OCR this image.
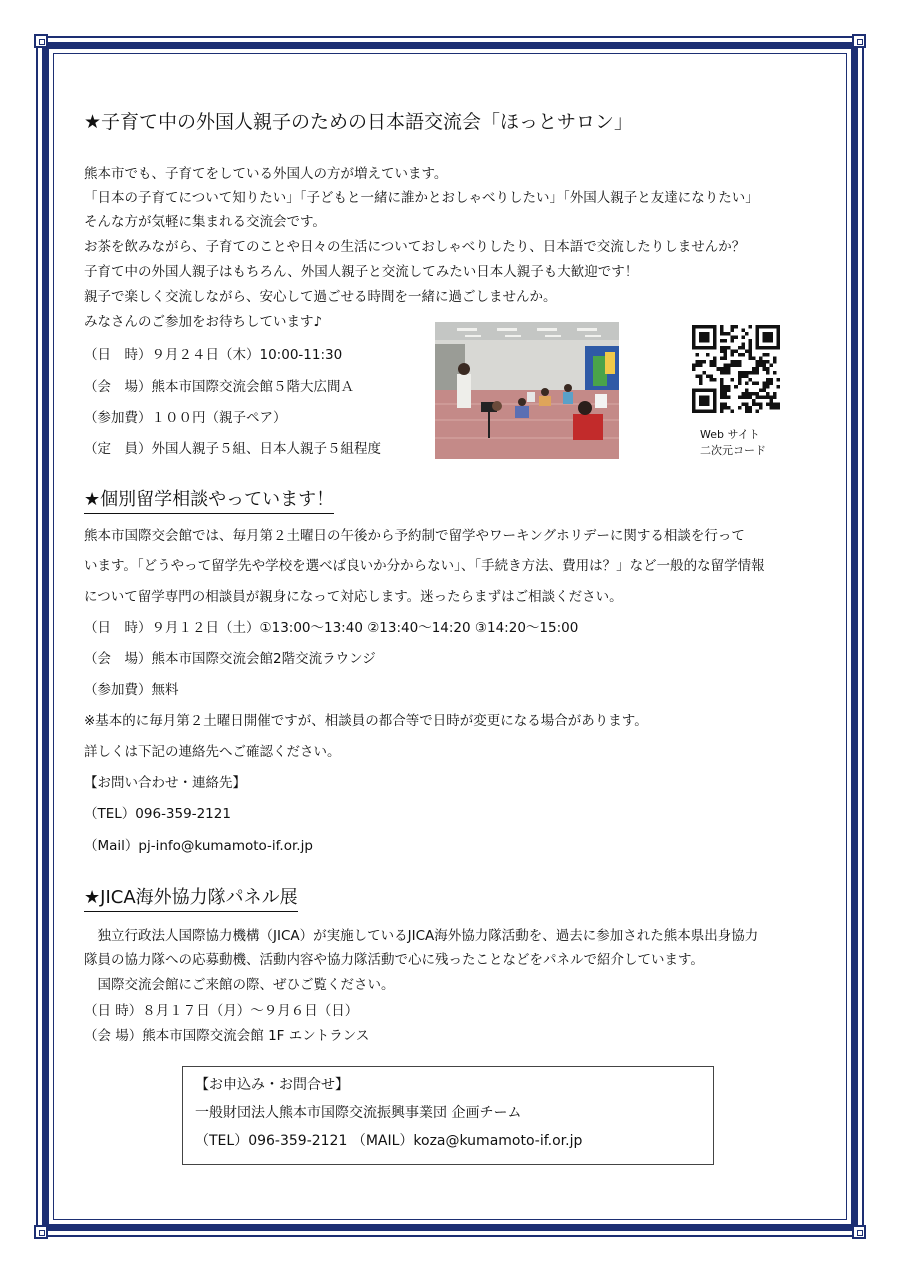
★子育て中の外国人親子のための日本語交流会「ほっとサロン」
熊本市でも、子育てをしている外国人の方が増えています。
「日本の子育てについて知りたい」「子どもと一緒に誰かとおしゃべりしたい」「外国人親子と友達になりたい」
そんな方が気軽に集まれる交流会です。
お茶を飲みながら、子育てのことや日々の生活についておしゃべりしたり、日本語で交流したりしませんか？
子育て中の外国人親子はもちろん、外国人親子と交流してみたい日本人親子も大歓迎です！
親子で楽しく交流しながら、安心して過ごせる時間を一緒に過ごしませんか。
みなさんのご参加をお待ちしています♪
（日　時）９月２４日（木）10:00-11:30
（会　場）熊本市国際交流会館５階大広間Ａ
（参加費）１００円（親子ペア）
（定　員）外国人親子５組、日本人親子５組程度
★個別留学相談やっています！
熊本市国際交会館では、毎月第２土曜日の午後から予約制で留学やワーキングホリデーに関する相談を行って
います。「どうやって留学先や学校を選べば良いか分からない」、「手続き方法、費用は？」など一般的な留学情報
について留学専門の相談員が親身になって対応します。迷ったらまずはご相談ください。
（日　時）９月１２日（土）①13:00～13:40 ②13:40～14:20 ③14:20～15:00
（会　場）熊本市国際交流会館2階交流ラウンジ
（参加費）無料
※基本的に毎月第２土曜日開催ですが、相談員の都合等で日時が変更になる場合があります。
詳しくは下記の連絡先へご確認ください。
【お問い合わせ・連絡先】
（TEL）096-359-2121
（Mail）pj-info@kumamoto-if.or.jp
★JICA海外協力隊パネル展
　独立行政法人国際協力機構（JICA）が実施しているJICA海外協力隊活動を、過去に参加された熊本県出身協力
隊員の協力隊への応募動機、活動内容や協力隊活動で心に残ったことなどをパネルで紹介しています。
　国際交流会館にご来館の際、ぜひご覧ください。
（日 時）８月１７日（月）～９月６日（日）
（会 場）熊本市国際交流会館 1F エントランス
Web サイト
二次元コード
【お申込み・お問合せ】
一般財団法人熊本市国際交流振興事業団 企画チーム
（TEL）096-359-2121 （MAIL）koza@kumamoto-if.or.jp
